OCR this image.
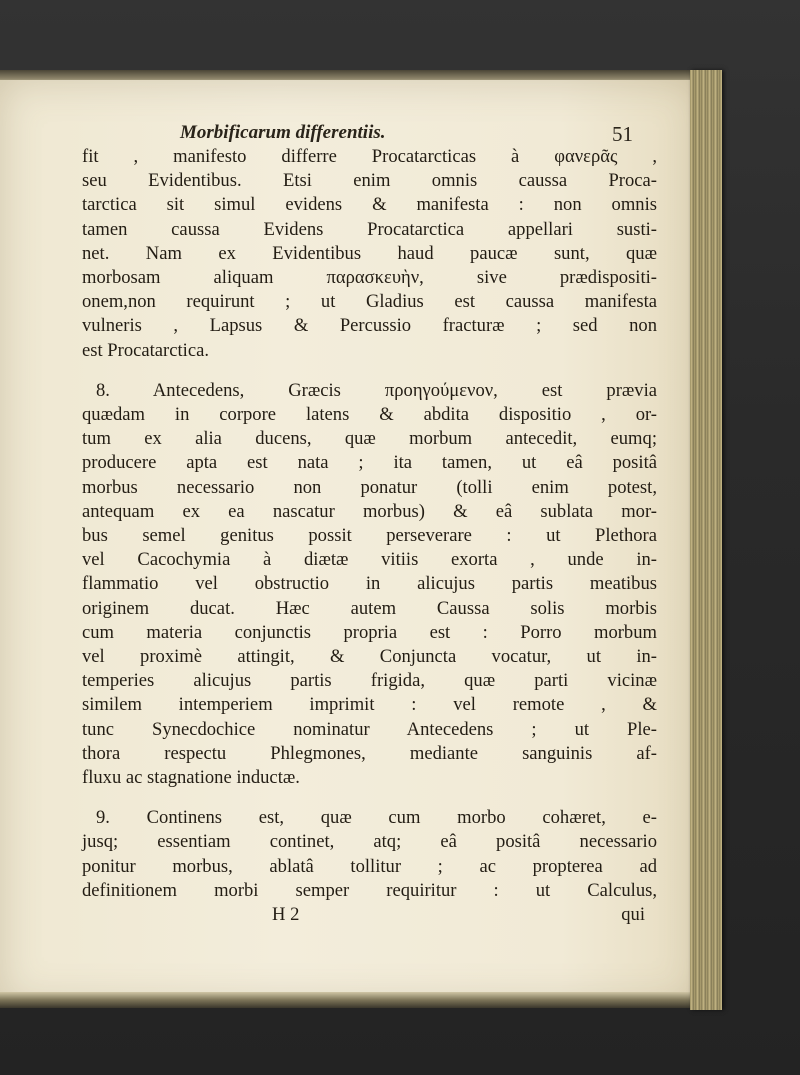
Morbificarum differentiis.	51
fit , manifesto differre Procatarcticas à φανερᾶς ,
seu Evidentibus. Etsi enim omnis caussa Proca-
tarctica sit simul evidens & manifesta : non omnis
tamen caussa Evidens Procatarctica appellari susti-
net. Nam ex Evidentibus haud paucæ sunt, quæ
morbosam aliquam παρασκευὴν, sive prædispositi-
onem,non requirunt ; ut Gladius est caussa manifesta
vulneris , Lapsus & Percussio fracturæ ; sed non
est Procatarctica.
8. Antecedens, Græcis προηγούμενον, est prævia
quædam in corpore latens & abdita dispositio , or-
tum ex alia ducens, quæ morbum antecedit, eumq;
producere apta est nata ; ita tamen, ut eâ positâ
morbus necessario non ponatur (tolli enim potest,
antequam ex ea nascatur morbus) & eâ sublata mor-
bus semel genitus possit perseverare : ut Plethora
vel Cacochymia à diætæ vitiis exorta , unde in-
flammatio vel obstructio in alicujus partis meatibus
originem ducat. Hæc autem Caussa solis morbis
cum materia conjunctis propria est : Porro morbum
vel proximè attingit, & Conjuncta vocatur, ut in-
temperies alicujus partis frigida, quæ parti vicinæ
similem intemperiem imprimit : vel remote , &
tunc Synecdochice nominatur Antecedens ; ut Ple-
thora respectu Phlegmones, mediante sanguinis af-
fluxu ac stagnatione inductæ.
9. Continens est, quæ cum morbo cohæret, e-
jusq; essentiam continet, atq; eâ positâ necessario
ponitur morbus, ablatâ tollitur ; ac propterea ad
definitionem morbi semper requiritur : ut Calculus,
H 2	qui
